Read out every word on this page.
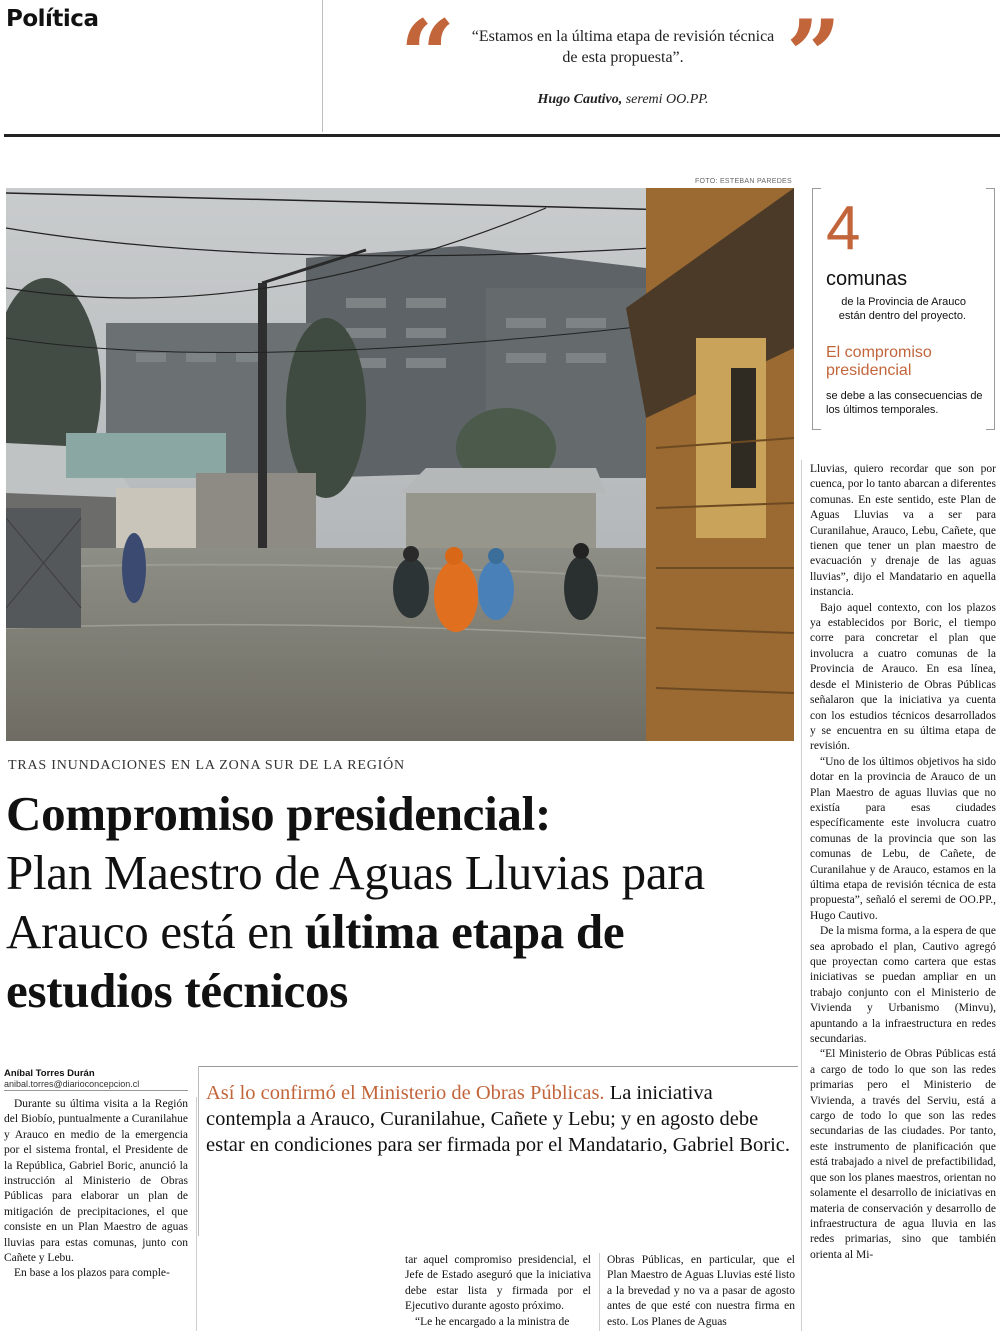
Política	“ “Estamos en la última etapa de revisión técnica de esta propuesta”.	”
Hugo Cautivo, seremi OO.PP.
FOTO: ESTEBAN PAREDES
4
comunas
de la Provincia de Arauco están dentro del proyecto.
El compromiso presidencial
se debe a las consecuencias de los últimos temporales.
TRAS INUNDACIONES EN LA ZONA SUR DE LA REGIÓN
Compromiso presidencial:
Plan Maestro de Aguas Lluvias para Arauco está en última etapa de estudios técnicos
Aníbal Torres Durán
anibal.torres@diarioconcepcion.cl	Así lo confirmó el Ministerio de Obras Públicas. La iniciativa contempla a Arauco, Curanilahue, Cañete y Lebu; y en agosto debe estar en condiciones para ser firmada por el Mandatario, Gabriel Boric.

Durante su última visita a la Región del Biobío, puntualmente a Curanilahue y Arauco en medio de la emergencia por el sistema frontal, el Presidente de la República, Gabriel Boric, anunció la instrucción al Ministerio de Obras Públicas para elaborar un plan de mitigación de precipitaciones, el que consiste en un Plan Maestro de aguas lluvias para estas comunas, junto con Cañete y Lebu.

En base a los plazos para comple-

tar aquel compromiso presidencial, el Jefe de Estado aseguró que la iniciativa debe estar lista y firmada por el Ejecutivo durante agosto próximo.

“Le he encargado a la ministra de

Obras Públicas, en particular, que el Plan Maestro de Aguas Lluvias esté listo a la brevedad y no va a pasar de agosto antes de que esté con nuestra firma en esto. Los Planes de Aguas

Lluvias, quiero recordar que son por cuenca, por lo tanto abarcan a diferentes comunas. En este sentido, este Plan de Aguas Lluvias va a ser para Curanilahue, Arauco, Lebu, Cañete, que tienen que tener un plan maestro de evacuación y drenaje de las aguas lluvias”, dijo el Mandatario en aquella instancia.

Bajo aquel contexto, con los plazos ya establecidos por Boric, el tiempo corre para concretar el plan que involucra a cuatro comunas de la Provincia de Arauco. En esa línea, desde el Ministerio de Obras Públicas señalaron que la iniciativa ya cuenta con los estudios técnicos desarrollados y se encuentra en su última etapa de revisión.

“Uno de los últimos objetivos ha sido dotar en la provincia de Arauco de un Plan Maestro de aguas lluvias que no existía para esas ciudades específicamente este involucra cuatro comunas de la provincia que son las comunas de Lebu, de Cañete, de Curanilahue y de Arauco, estamos en la última etapa de revisión técnica de esta propuesta”, señaló el seremi de OO.PP., Hugo Cautivo.

De la misma forma, a la espera de que sea aprobado el plan, Cautivo agregó que proyectan como cartera que estas iniciativas se puedan ampliar en un trabajo conjunto con el Ministerio de Vivienda y Urbanismo (Minvu), apuntando a la infraestructura en redes secundarias.

“El Ministerio de Obras Públicas está a cargo de todo lo que son las redes primarias pero el Ministerio de Vivienda, a través del Serviu, está a cargo de todo lo que son las redes secundarias de las ciudades. Por tanto, este instrumento de planificación que está trabajado a nivel de prefactibilidad, que son los planes maestros, orientan no solamente el desarrollo de iniciativas en materia de conservación y desarrollo de infraestructura de agua lluvia en las redes primarias, sino que también orienta al Mi-
